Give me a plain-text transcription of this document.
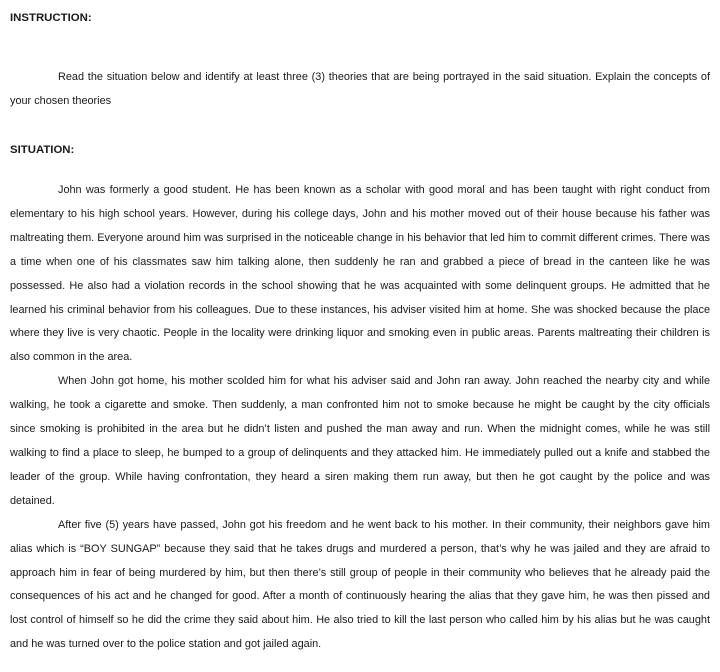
INSTRUCTION:

Read the situation below and identify at least three (3) theories that are being portrayed in the said situation. Explain the concepts of your chosen theories

SITUATION:

John was formerly a good student. He has been known as a scholar with good moral and has been taught with right conduct from elementary to his high school years. However, during his college days, John and his mother moved out of their house because his father was maltreating them. Everyone around him was surprised in the noticeable change in his behavior that led him to commit different crimes. There was a time when one of his classmates saw him talking alone, then suddenly he ran and grabbed a piece of bread in the canteen like he was possessed. He also had a violation records in the school showing that he was acquainted with some delinquent groups. He admitted that he learned his criminal behavior from his colleagues. Due to these instances, his adviser visited him at home. She was shocked because the place where they live is very chaotic. People in the locality were drinking liquor and smoking even in public areas. Parents maltreating their children is also common in the area.

When John got home, his mother scolded him for what his adviser said and John ran away. John reached the nearby city and while walking, he took a cigarette and smoke. Then suddenly, a man confronted him not to smoke because he might be caught by the city officials since smoking is prohibited in the area but he didn’t listen and pushed the man away and run. When the midnight comes, while he was still walking to find a place to sleep, he bumped to a group of delinquents and they attacked him. He immediately pulled out a knife and stabbed the leader of the group. While having confrontation, they heard a siren making them run away, but then he got caught by the police and was detained.

After five (5) years have passed, John got his freedom and he went back to his mother. In their community, their neighbors gave him alias which is “BOY SUNGAP” because they said that he takes drugs and murdered a person, that’s why he was jailed and they are afraid to approach him in fear of being murdered by him, but then there’s still group of people in their community who believes that he already paid the consequences of his act and he changed for good. After a month of continuously hearing the alias that they gave him, he was then pissed and lost control of himself so he did the crime they said about him. He also tried to kill the last person who called him by his alias but he was caught and he was turned over to the police station and got jailed again.
